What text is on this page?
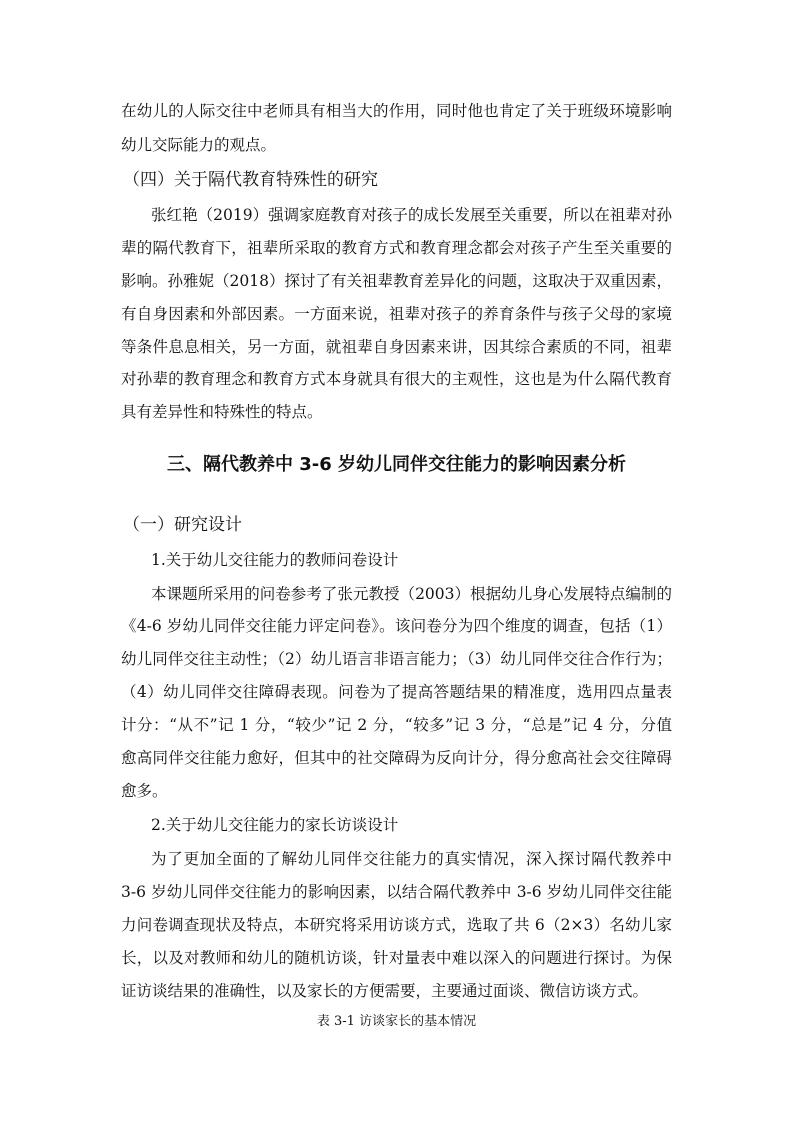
在幼儿的人际交往中老师具有相当大的作用，同时他也肯定了关于班级环境影响
幼儿交际能力的观点。
（四）关于隔代教育特殊性的研究
张红艳（2019）强调家庭教育对孩子的成长发展至关重要，所以在祖辈对孙
辈的隔代教育下，祖辈所采取的教育方式和教育理念都会对孩子产生至关重要的
影响。孙雅妮（2018）探讨了有关祖辈教育差异化的问题，这取决于双重因素，
有自身因素和外部因素。一方面来说，祖辈对孩子的养育条件与孩子父母的家境
等条件息息相关，另一方面，就祖辈自身因素来讲，因其综合素质的不同，祖辈
对孙辈的教育理念和教育方式本身就具有很大的主观性，这也是为什么隔代教育
具有差异性和特殊性的特点。
三、隔代教养中 3-6 岁幼儿同伴交往能力的影响因素分析
（一）研究设计
1.关于幼儿交往能力的教师问卷设计
本课题所采用的问卷参考了张元教授（2003）根据幼儿身心发展特点编制的
《4-6 岁幼儿同伴交往能力评定问卷》。该问卷分为四个维度的调查，包括（1）
幼儿同伴交往主动性；（2）幼儿语言非语言能力；（3）幼儿同伴交往合作行为；
（4）幼儿同伴交往障碍表现。问卷为了提高答题结果的精准度，选用四点量表
计分：“从不”记 1 分，“较少”记 2 分，“较多”记 3 分，“总是”记 4 分，分值
愈高同伴交往能力愈好，但其中的社交障碍为反向计分，得分愈高社会交往障碍
愈多。
2.关于幼儿交往能力的家长访谈设计
为了更加全面的了解幼儿同伴交往能力的真实情况，深入探讨隔代教养中
3-6 岁幼儿同伴交往能力的影响因素，以结合隔代教养中 3-6 岁幼儿同伴交往能
力问卷调查现状及特点，本研究将采用访谈方式，选取了共 6（2×3）名幼儿家
长，以及对教师和幼儿的随机访谈，针对量表中难以深入的问题进行探讨。为保
证访谈结果的准确性，以及家长的方便需要，主要通过面谈、微信访谈方式。
表 3-1 访谈家长的基本情况
